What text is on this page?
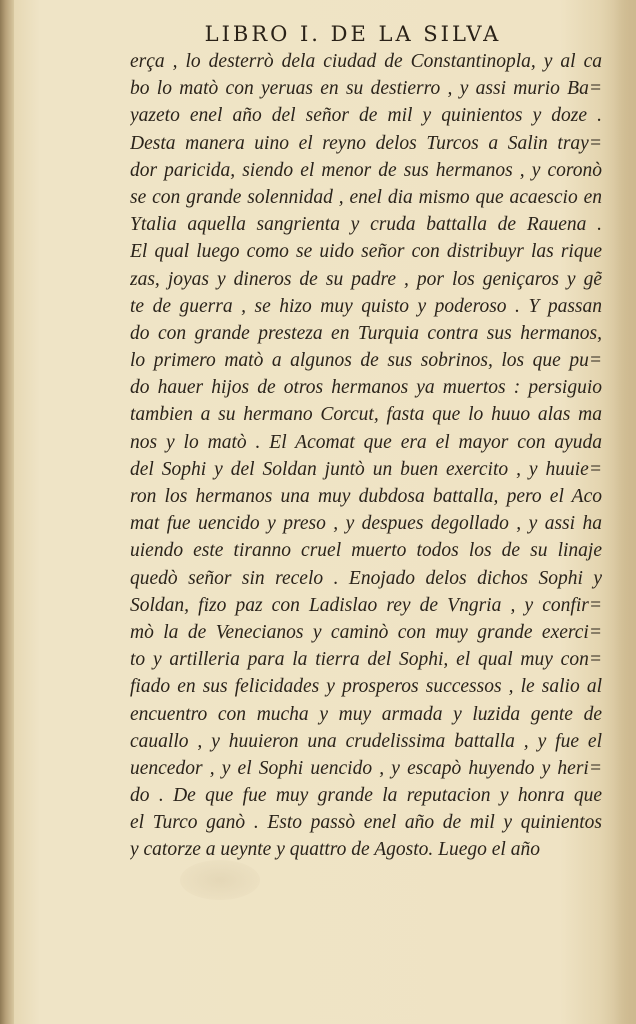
LIBRO I. DE LA SILVA
erça , lo desterrò dela ciudad de Constantinopla, y al ca
bo lo matò con yeruas en su destierro , y assi murio Ba=
yazeto enel año del señor de mil y quinientos y doze .
Desta manera uino el reyno delos Turcos a Salin tray=
dor paricida, siendo el menor de sus hermanos , y coronò
se con grande solennidad , enel dia mismo que acaescio en
Ytalia aquella sangrienta y cruda battalla de Rauena .
El qual luego como se uido señor con distribuyr las rique
zas, joyas y dineros de su padre , por los geniçaros y gẽ
te de guerra , se hizo muy quisto y poderoso . Y passan
do con grande presteza en Turquia contra sus hermanos,
lo primero matò a algunos de sus sobrinos, los que pu=
do hauer hijos de otros hermanos ya muertos : persiguio
tambien a su hermano Corcut, fasta que lo huuo alas ma
nos y lo matò . El Acomat que era el mayor con ayuda
del Sophi y del Soldan juntò un buen exercito , y huuie=
ron los hermanos una muy dubdosa battalla, pero el Aco
mat fue uencido y preso , y despues degollado , y assi ha
uiendo este tiranno cruel muerto todos los de su linaje
quedò señor sin recelo . Enojado delos dichos Sophi y
Soldan, fizo paz con Ladislao rey de Vngria , y confir=
mò la de Venecianos y caminò con muy grande exerci=
to y artilleria para la tierra del Sophi, el qual muy con=
fiado en sus felicidades y prosperos successos , le salio al
encuentro con mucha y muy armada y luzida gente de
cauallo , y huuieron una crudelissima battalla , y fue el
uencedor , y el Sophi uencido , y escapò huyendo y heri=
do . De que fue muy grande la reputacion y honra que
el Turco ganò . Esto passò enel año de mil y quinientos
y catorze a ueynte y quattro de Agosto. Luego el año
